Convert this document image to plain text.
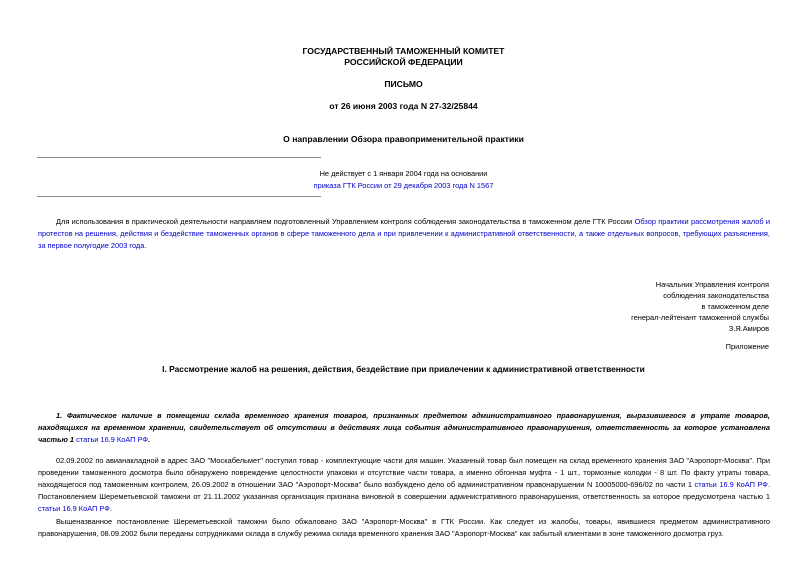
ГОСУДАРСТВЕННЫЙ ТАМОЖЕННЫЙ КОМИТЕТ
РОССИЙСКОЙ ФЕДЕРАЦИИ
ПИСЬМО
от 26 июня 2003 года N 27-32/25844
О направлении Обзора правоприменительной практики
Не действует с 1 января 2004 года на основании
приказа ГТК России от 29 декабря 2003 года N 1567
Для использования в практической деятельности направляем подготовленный Управлением контроля соблюдения законодательства в таможенном деле ГТК России Обзор практики рассмотрения жалоб и протестов на решения, действия и бездействие таможенных органов в сфере таможенного дела и при привлечении к административной ответственности, а также отдельных вопросов, требующих разъяснения, за первое полугодие 2003 года.
Начальник Управления контроля
соблюдения законодательства
в таможенном деле
генерал-лейтенант таможенной службы
З.Я.Амиров
Приложение
I. Рассмотрение жалоб на решения, действия, бездействие при привлечении к административной ответственности
1. Фактическое наличие в помещении склада временного хранения товаров, признанных предметом административного правонарушения, выразившегося в утрате товаров, находящихся на временном хранении, свидетельствует об отсутствии в действиях лица события административного правонарушения, ответственность за которое установлена частью 1 статьи 16.9 КоАП РФ.
02.09.2002 по авианакладной в адрес ЗАО "Москабельмет" поступил товар - комплектующие части для машин. Указанный товар был помещен на склад временного хранения ЗАО "Аэропорт-Москва". При проведении таможенного досмотра было обнаружено повреждение целостности упаковки и отсутствие части товара, а именно обгонная муфта - 1 шт., тормозные колодки - 8 шт. По факту утраты товара, находящегося под таможенным контролем, 26.09.2002 в отношении ЗАО "Аэропорт-Москва" было возбуждено дело об административном правонарушении N 10005000-696/02 по части 1 статьи 16.9 КоАП РФ. Постановлением Шереметьевской таможни от 21.11.2002 указанная организация признана виновной в совершении административного правонарушения, ответственность за которое предусмотрена частью 1 статьи 16.9 КоАП РФ.
Вышеназванное постановление Шереметьевской таможни было обжаловано ЗАО "Аэропорт-Москва" в ГТК России. Как следует из жалобы, товары, явившиеся предметом административного правонарушения, 08.09.2002 были переданы сотрудниками склада в службу режима склада временного хранения ЗАО "Аэропорт-Москва" как забытый клиентами в зоне таможенного досмотра груз.
